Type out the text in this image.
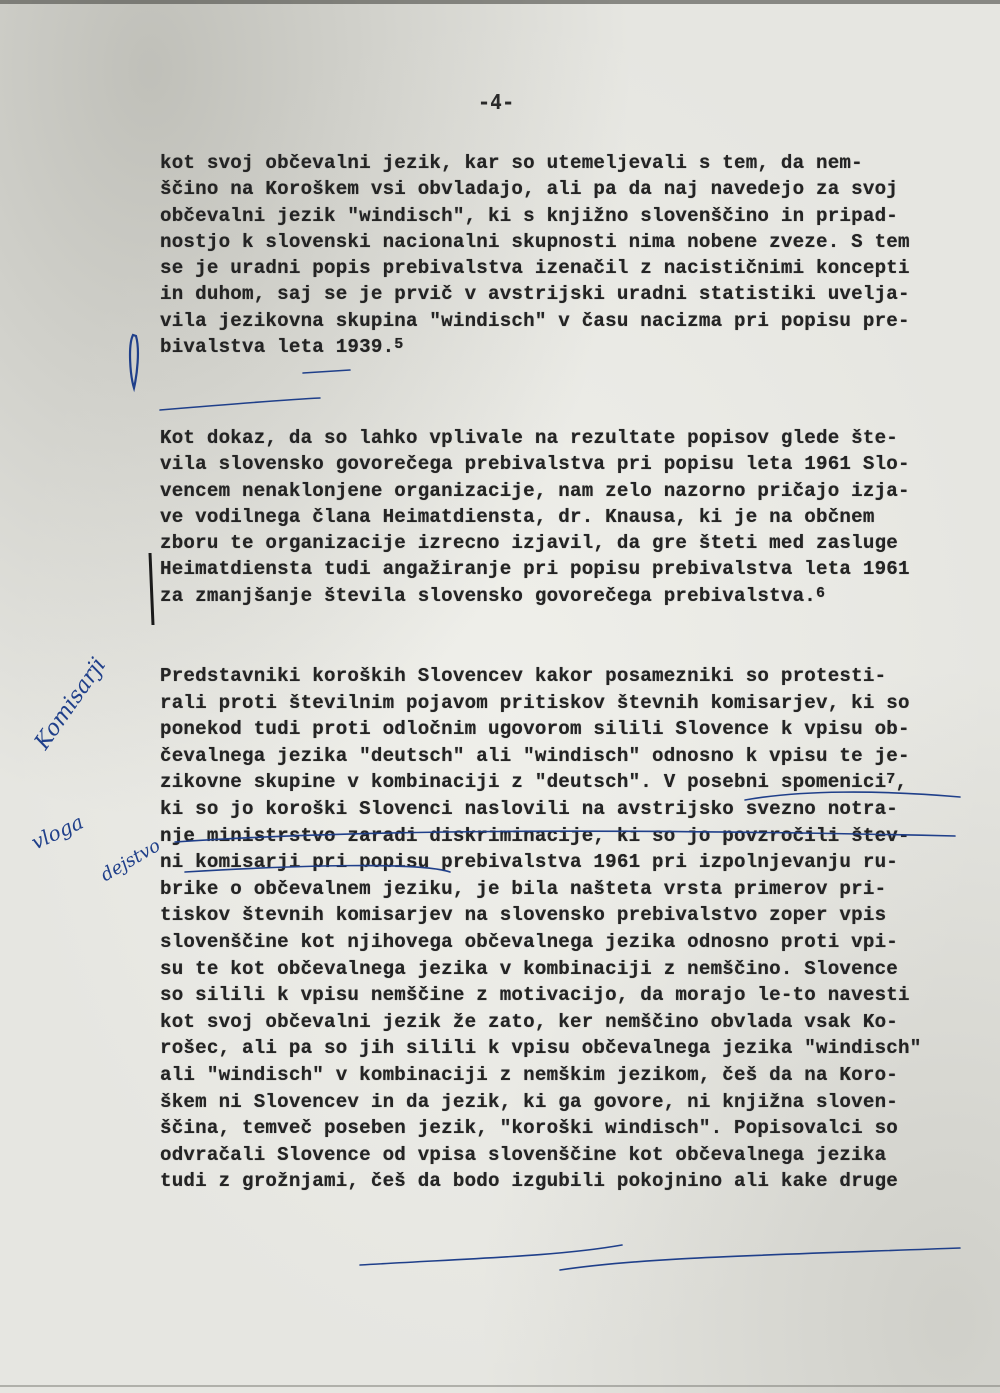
-4-
kot svoj občevalni jezik, kar so utemeljevali s tem, da nem-
ščino na Koroškem vsi obvladajo, ali pa da naj navedejo za svoj
občevalni jezik "windisch", ki s knjižno slovenščino in pripad-
nostjo k slovenski nacionalni skupnosti nima nobene zveze. S tem
se je uradni popis prebivalstva izenačil z nacističnimi koncepti
in duhom, saj se je prvič v avstrijski uradni statistiki uvelja-
vila jezikovna skupina "windisch" v času nacizma pri popisu pre-
bivalstva leta 1939.$^5$
Kot dokaz, da so lahko vplivale na rezultate popisov glede šte-
vila slovensko govorečega prebivalstva pri popisu leta 1961 Slo-
vencem nenaklonjene organizacije, nam zelo nazorno pričajo izja-
ve vodilnega člana Heimatdiensta, dr. Knausa, ki je na občnem
zboru te organizacije izrecno izjavil, da gre šteti med zasluge
Heimatdiensta tudi angažiranje pri popisu prebivalstva leta 1961
za zmanjšanje števila slovensko govorečega prebivalstva.$^6$
Predstavniki koroških Slovencev kakor posamezniki so protesti-
rali proti številnim pojavom pritiskov števnih komisarjev, ki so
ponekod tudi proti odločnim ugovorom silili Slovence k vpisu ob-
čevalnega jezika "deutsch" ali "windisch" odnosno k vpisu te je-
zikovne skupine v kombinaciji z "deutsch". V posebni spomenici$^7$,
ki so jo koroški Slovenci naslovili na avstrijsko svezno notra-
nje ministrstvo zaradi diskriminacije, ki so jo povzročili štev-
ni komisarji pri popisu prebivalstva 1961 pri izpolnjevanju ru-
brike o občevalnem jeziku, je bila našteta vrsta primerov pri-
tiskov števnih komisarjev na slovensko prebivalstvo zoper vpis
slovenščine kot njihovega občevalnega jezika odnosno proti vpi-
su te kot občevalnega jezika v kombinaciji z nemščino. Slovence
so silili k vpisu nemščine z motivacijo, da morajo le-to navesti
kot svoj občevalni jezik že zato, ker nemščino obvlada vsak Ko-
rošec, ali pa so jih silili k vpisu občevalnega jezika "windisch"
ali "windisch" v kombinaciji z nemškim jezikom, češ da na Koro-
škem ni Slovencev in da jezik, ki ga govore, ni knjižna sloven-
ščina, temveč poseben jezik, "koroški windisch". Popisovalci so
odvračali Slovence od vpisa slovenščine kot občevalnega jezika
tudi z grožnjami, češ da bodo izgubili pokojnino ali kake druge
Komisarji
vloga
dejstvo
